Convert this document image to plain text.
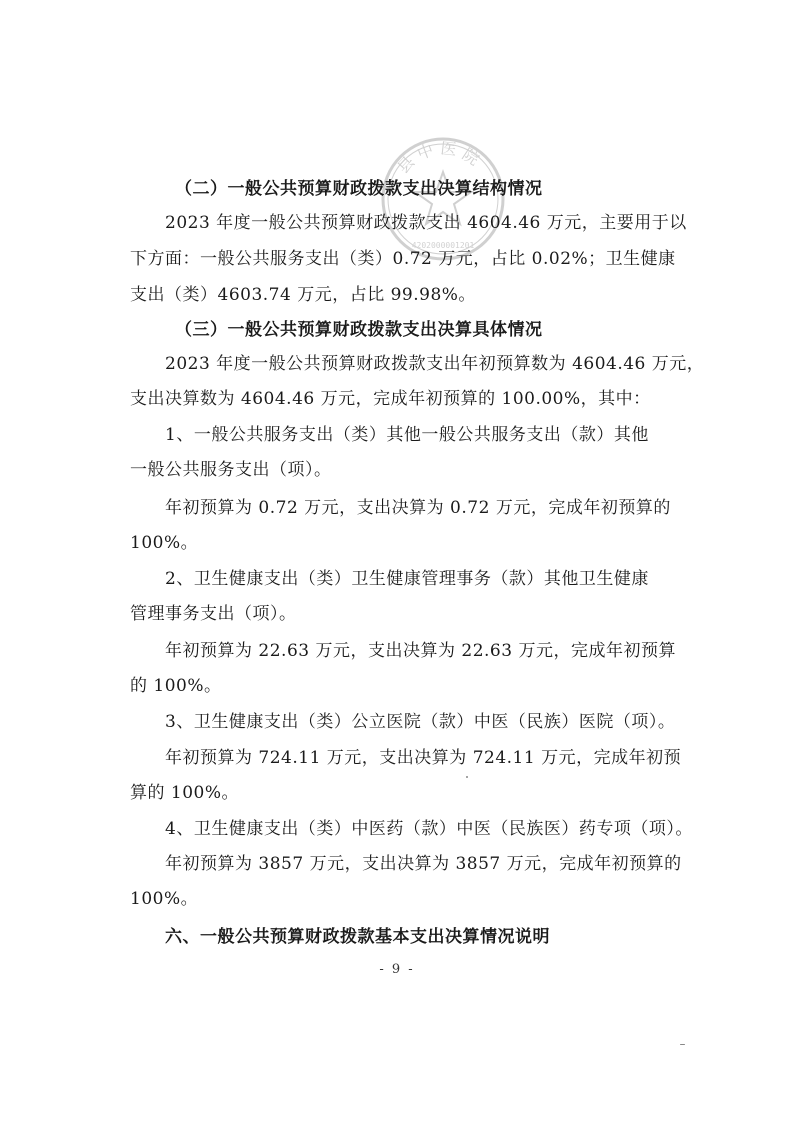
县 中 医 院
4202000001201
（二）一般公共预算财政拨款支出决算结构情况
2023 年度一般公共预算财政拨款支出 4604.46 万元，主要用于以
下方面：一般公共服务支出（类）0.72 万元，占比 0.02%；卫生健康
支出（类）4603.74 万元，占比 99.98%。
（三）一般公共预算财政拨款支出决算具体情况
2023 年度一般公共预算财政拨款支出年初预算数为 4604.46 万元，
支出决算数为 4604.46 万元，完成年初预算的 100.00%，其中：
1、一般公共服务支出（类）其他一般公共服务支出（款）其他
一般公共服务支出（项）。
年初预算为 0.72 万元，支出决算为 0.72 万元，完成年初预算的
100%。
2、卫生健康支出（类）卫生健康管理事务（款）其他卫生健康
管理事务支出（项）。
年初预算为 22.63 万元，支出决算为 22.63 万元，完成年初预算
的 100%。
3、卫生健康支出（类）公立医院（款）中医（民族）医院（项）。
年初预算为 724.11 万元，支出决算为 724.11 万元，完成年初预
算的 100%。
4、卫生健康支出（类）中医药（款）中医（民族医）药专项（项）。
年初预算为 3857 万元，支出决算为 3857 万元，完成年初预算的
100%。
六、一般公共预算财政拨款基本支出决算情况说明
- 9 -
